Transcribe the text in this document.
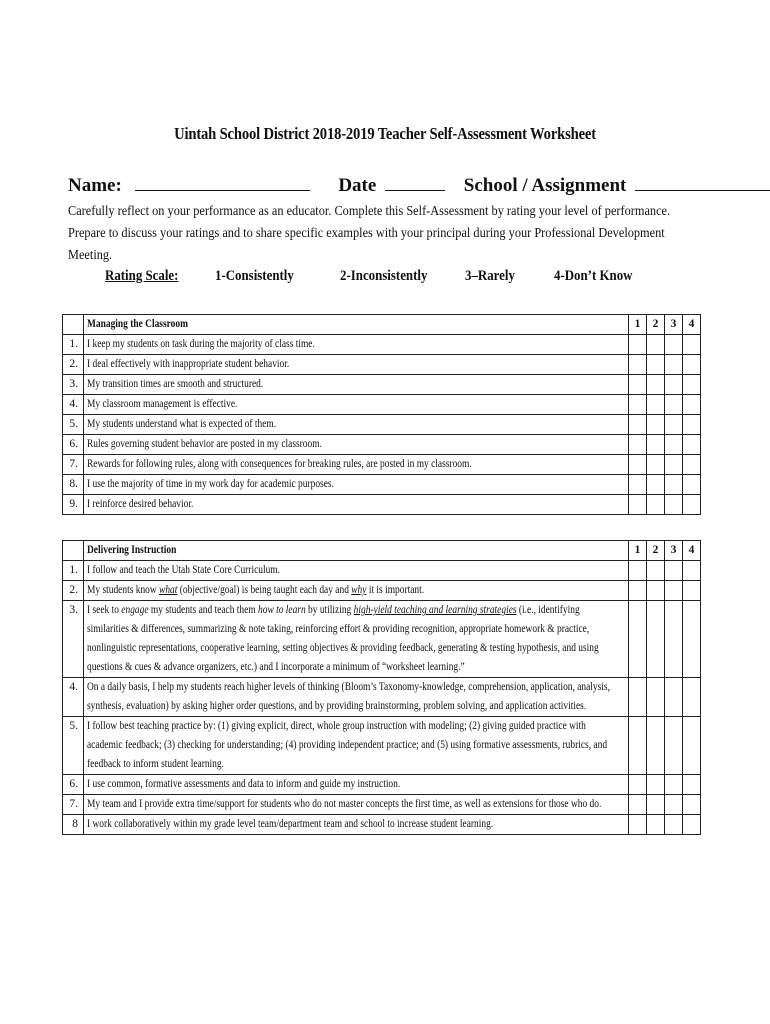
Uintah School District 2018-2019 Teacher Self-Assessment Worksheet
Name:	Date	School / Assignment
Carefully reflect on your performance as an educator. Complete this Self-Assessment by rating your level of performance. Prepare to discuss your ratings and to share specific examples with your principal during your Professional Development Meeting.
Rating Scale: 1-Consistently	2-Inconsistently	3–Rarely	4-Don’t Know

	Managing the Classroom	1	2	3	4
1.	I keep my students on task during the majority of class time.				

2.	I deal effectively with inappropriate student behavior.				

3.	My transition times are smooth and structured.				

4.	My classroom management is effective.				

5.	My students understand what is expected of them.				

6.	Rules governing student behavior are posted in my classroom.				

7.	Rewards for following rules, along with consequences for breaking rules, are posted in my classroom.				

8.	I use the majority of time in my work day for academic purposes.				

9.	I reinforce desired behavior.				

	Delivering Instruction	1	2	3	4
1.	I follow and teach the Utah State Core Curriculum.				

2.	My students know what (objective/goal) is being taught each day and why it is important.				

3.	I seek to engage my students and teach them how to learn by utilizing high-yield teaching and learning strategies (i.e., identifying similarities & differences, summarizing & note taking, reinforcing effort & providing recognition, appropriate homework & practice, nonlinguistic representations, cooperative learning, setting objectives & providing feedback, generating & testing hypothesis, and using questions & cues & advance organizers, etc.) and I incorporate a minimum of “worksheet learning.”				

4.	On a daily basis, I help my students reach higher levels of thinking (Bloom’s Taxonomy-knowledge, comprehension, application, analysis, synthesis, evaluation) by asking higher order questions, and by providing brainstorming, problem solving, and application activities.				

5.	I follow best teaching practice by: (1) giving explicit, direct, whole group instruction with modeling; (2) giving guided practice with academic feedback; (3) checking for understanding; (4) providing independent practice; and (5) using formative assessments, rubrics, and feedback to inform student learning.				

6.	I use common, formative assessments and data to inform and guide my instruction.				

7.	My team and I provide extra time/support for students who do not master concepts the first time, as well as extensions for those who do.				

8	I work collaboratively within my grade level team/department team and school to increase student learning.				
